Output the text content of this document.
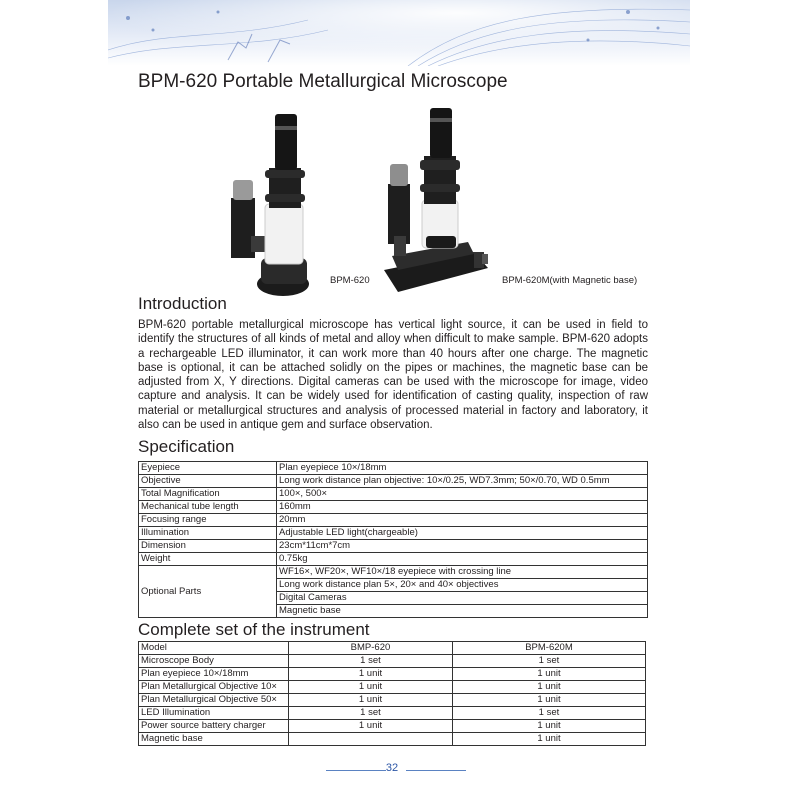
BPM-620 Portable Metallurgical Microscope
BPM-620	BPM-620M(with Magnetic base)
Introduction
BPM-620 portable metallurgical microscope has vertical light source, it can be used in field to identify the structures of all kinds of metal and alloy when difficult to make sample. BPM-620 adopts a rechargeable LED illuminator, it can work more than 40 hours after one charge. The magnetic base is optional, it can be attached solidly on the pipes or machines, the magnetic base can be adjusted from X, Y directions. Digital cameras can be used with the microscope for image, video capture and analysis. It can be widely used for identification of casting quality, inspection of raw material or metallurgical structures and analysis of processed material in factory and laboratory, it also can be used in antique gem and surface observation.
Specification
Eyepiece	Plan eyepiece 10×/18mm
Objective	Long work distance plan objective: 10×/0.25, WD7.3mm; 50×/0.70, WD 0.5mm
Total Magnification	100×, 500×
Mechanical tube length	160mm
Focusing range	20mm
Illumination	Adjustable LED light(chargeable)
Dimension	23cm*11cm*7cm
Weight	0.75kg
Optional Parts	WF16×, WF20×, WF10×/18 eyepiece with crossing line
	Long work distance plan 5×, 20× and 40× objectives
	Digital Cameras
	Magnetic base
Complete set of the instrument
Model	BMP-620	BPM-620M
Microscope Body	1 set	1 set
Plan eyepiece 10×/18mm	1 unit	1 unit
Plan Metallurgical Objective 10×	1 unit	1 unit
Plan Metallurgical Objective 50×	1 unit	1 unit
LED Illumination	1 set	1 set
Power source battery charger	1 unit	1 unit
Magnetic base		1 unit
32
